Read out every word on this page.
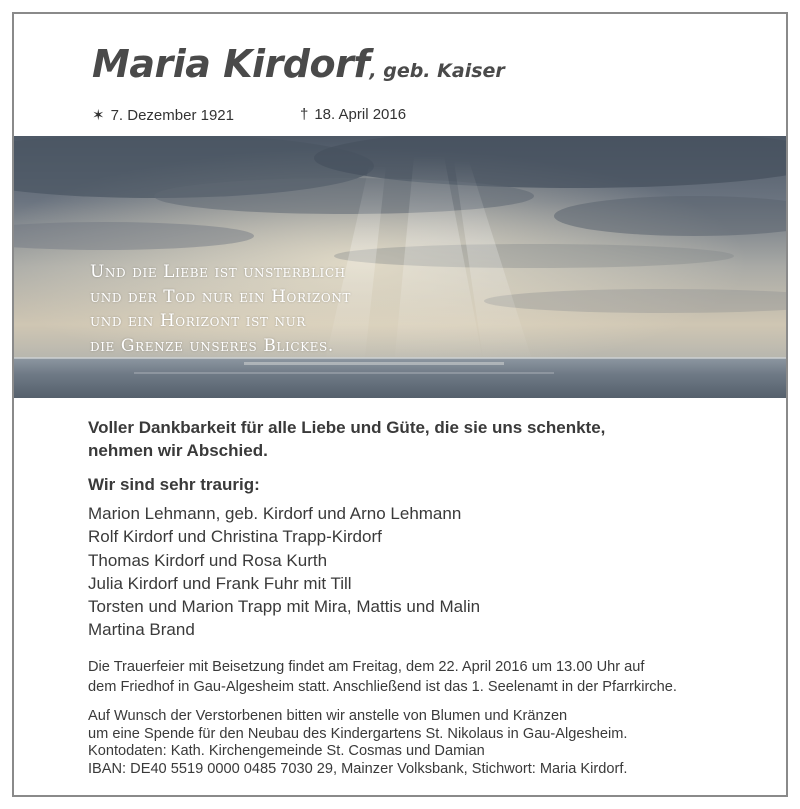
Maria Kirdorf, geb. Kaiser
✶ 7. Dezember 1921	† 18. April 2016
Und die Liebe ist unsterblich
und der Tod nur ein Horizont
und ein Horizont ist nur
die Grenze unseres Blickes.
Voller Dankbarkeit für alle Liebe und Güte, die sie uns schenkte,
nehmen wir Abschied.
Wir sind sehr traurig:
Marion Lehmann, geb. Kirdorf und Arno Lehmann
Rolf Kirdorf und Christina Trapp-Kirdorf
Thomas Kirdorf und Rosa Kurth
Julia Kirdorf und Frank Fuhr mit Till
Torsten und Marion Trapp mit Mira, Mattis und Malin
Martina Brand
Die Trauerfeier mit Beisetzung findet am Freitag, dem 22. April 2016 um 13.00 Uhr auf
dem Friedhof in Gau-Algesheim statt. Anschließend ist das 1. Seelenamt in der Pfarrkirche.
Auf Wunsch der Verstorbenen bitten wir anstelle von Blumen und Kränzen
um eine Spende für den Neubau des Kindergartens St. Nikolaus in Gau-Algesheim.
Kontodaten: Kath. Kirchengemeinde St. Cosmas und Damian
IBAN: DE40 5519 0000 0485 7030 29, Mainzer Volksbank, Stichwort: Maria Kirdorf.
